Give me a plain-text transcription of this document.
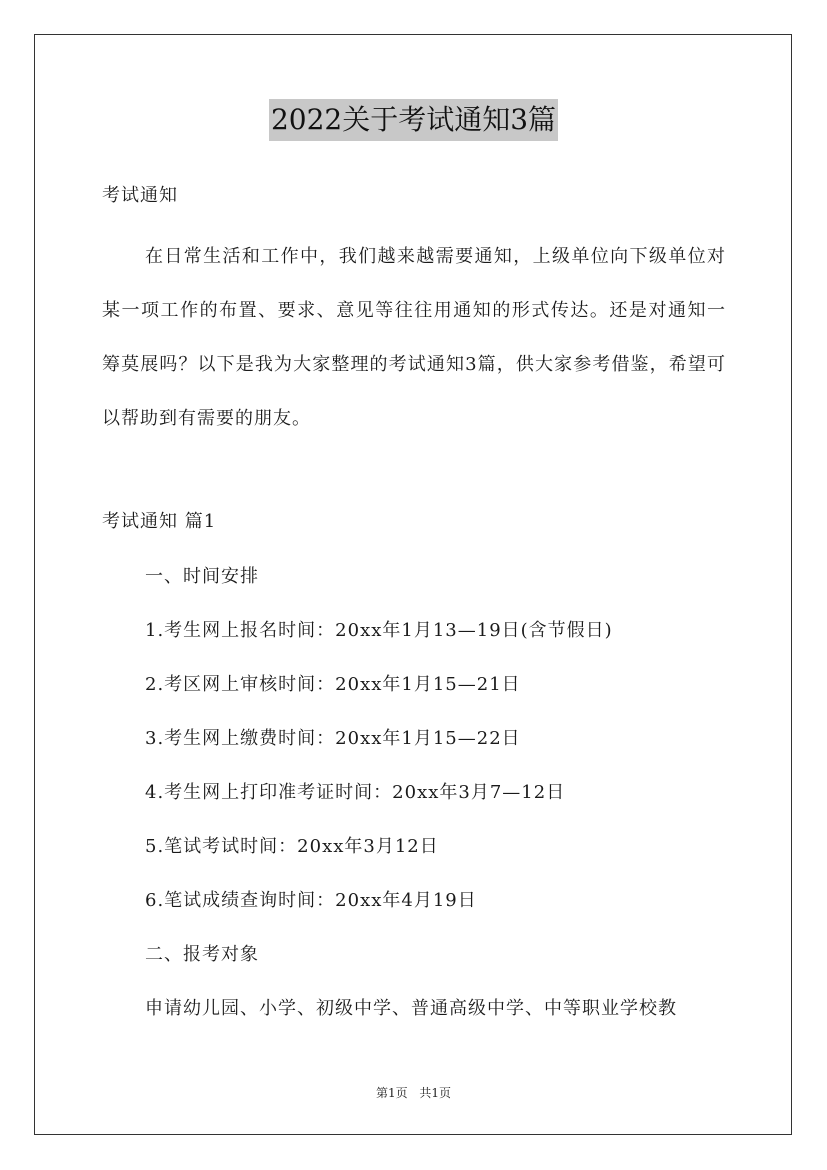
2022关于考试通知3篇
考试通知
在日常生活和工作中，我们越来越需要通知，上级单位向下级单位对某一项工作的布置、要求、意见等往往用通知的形式传达。还是对通知一筹莫展吗？以下是我为大家整理的考试通知3篇，供大家参考借鉴，希望可以帮助到有需要的朋友。
考试通知 篇1
一、时间安排
1.考生网上报名时间：20xx年1月13—19日(含节假日)
2.考区网上审核时间：20xx年1月15—21日
3.考生网上缴费时间：20xx年1月15—22日
4.考生网上打印准考证时间：20xx年3月7—12日
5.笔试考试时间：20xx年3月12日
6.笔试成绩查询时间：20xx年4月19日
二、报考对象
申请幼儿园、小学、初级中学、普通高级中学、中等职业学校教
第1页 共1页
